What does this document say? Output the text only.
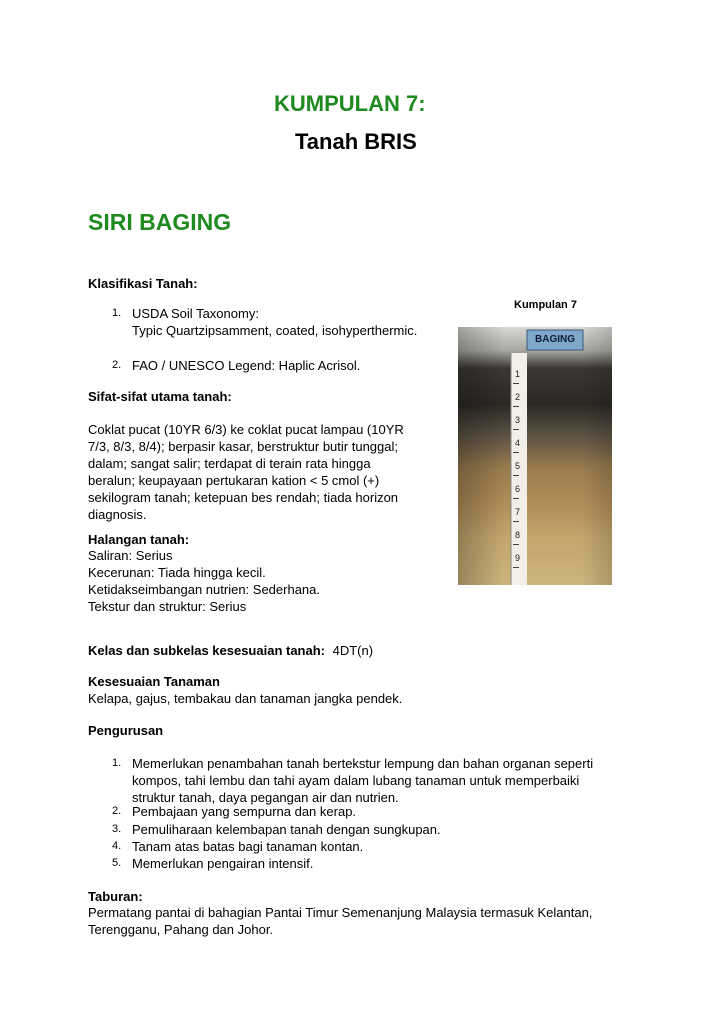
KUMPULAN 7:
Tanah BRIS
SIRI BAGING
Klasifikasi Tanah:
1. USDA Soil Taxonomy:
Typic Quartzipsamment, coated, isohyperthermic.
2. FAO / UNESCO Legend: Haplic Acrisol.
Kumpulan 7
BAGING
1
2
3
4
5
6
7
8
9
Sifat-sifat utama tanah:
Coklat pucat (10YR 6/3) ke coklat pucat lampau (10YR
7/3, 8/3, 8/4); berpasir kasar, berstruktur butir tunggal;
dalam; sangat salir; terdapat di terain rata hingga
beralun; keupayaan pertukaran kation < 5 cmol (+)
sekilogram tanah; ketepuan bes rendah; tiada horizon
diagnosis.
Halangan tanah:
Saliran: Serius
Kecerunan: Tiada hingga kecil.
Ketidakseimbangan nutrien: Sederhana.
Tekstur dan struktur: Serius
Kelas dan subkelas kesesuaian tanah: 4DT(n)
Kesesuaian Tanaman
Kelapa, gajus, tembakau dan tanaman jangka pendek.
Pengurusan
1. Memerlukan penambahan tanah bertekstur lempung dan bahan organan seperti
kompos, tahi lembu dan tahi ayam dalam lubang tanaman untuk memperbaiki
struktur tanah, daya pegangan air dan nutrien.
2. Pembajaan yang sempurna dan kerap.
3. Pemuliharaan kelembapan tanah dengan sungkupan.
4. Tanam atas batas bagi tanaman kontan.
5. Memerlukan pengairan intensif.
Taburan:
Permatang pantai di bahagian Pantai Timur Semenanjung Malaysia termasuk Kelantan,
Terengganu, Pahang dan Johor.
